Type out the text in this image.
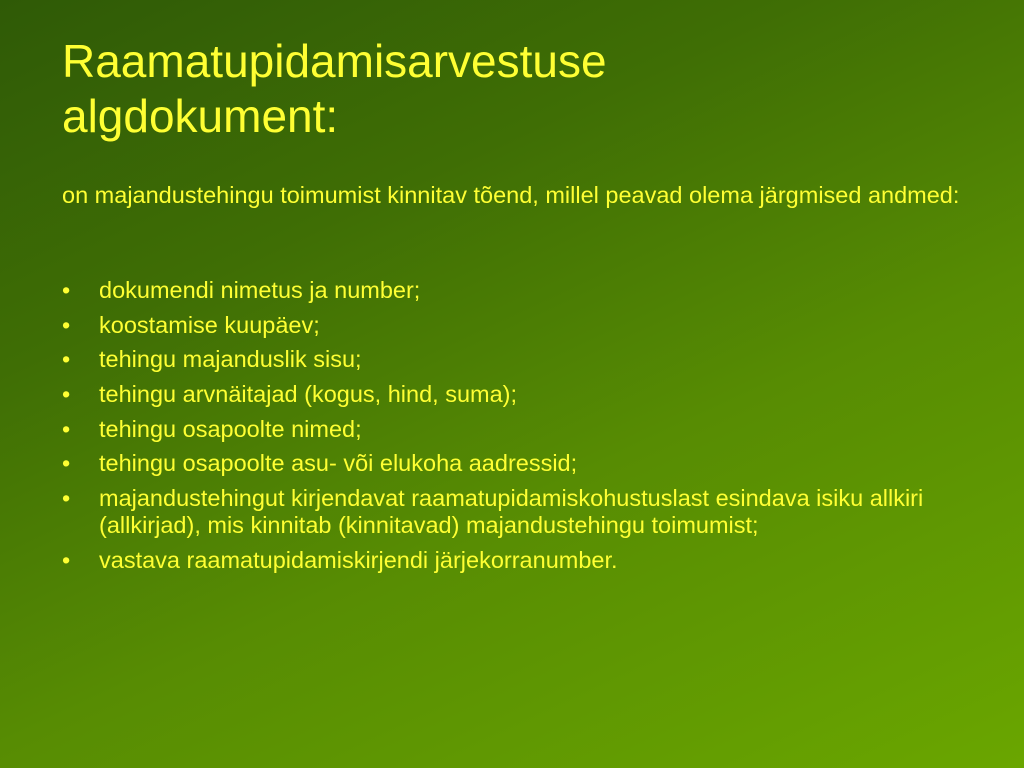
Raamatupidamisarvestuse
algdokument:

on majandustehingu toimumist kinnitav tõend, millel peavad olema järgmised andmed:

• dokumendi nimetus ja number;
• koostamise kuupäev;
• tehingu majanduslik sisu;
• tehingu arvnäitajad (kogus, hind, suma);
• tehingu osapoolte nimed;
• tehingu osapoolte asu- või elukoha aadressid;
• majandustehingut kirjendavat raamatupidamiskohustuslast esindava isiku allkiri (allkirjad), mis kinnitab (kinnitavad) majandustehingu toimumist;
• vastava raamatupidamiskirjendi järjekorranumber.
